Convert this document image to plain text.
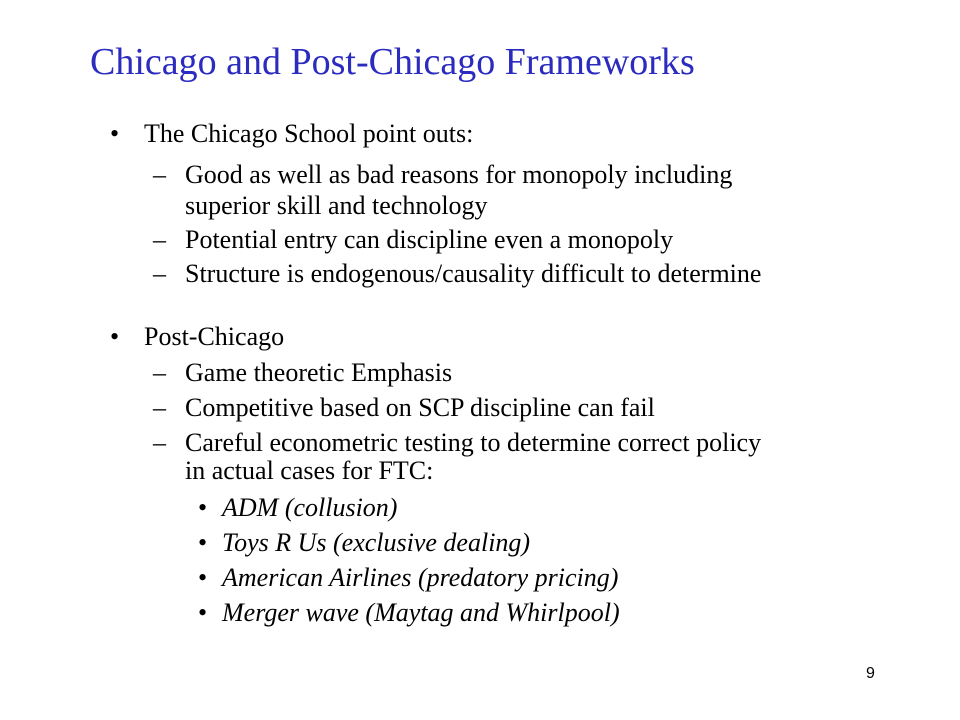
Chicago and Post-Chicago Frameworks
• The Chicago School point outs:
– Good as well as bad reasons for monopoly including
superior skill and technology
– Potential entry can discipline even a monopoly
– Structure is endogenous/causality difficult to determine
• Post-Chicago
– Game theoretic Emphasis
– Competitive based on SCP discipline can fail
– Careful econometric testing to determine correct policy
in actual cases for FTC:
• ADM (collusion)
• Toys R Us (exclusive dealing)
• American Airlines (predatory pricing)
• Merger wave (Maytag and Whirlpool)
9
